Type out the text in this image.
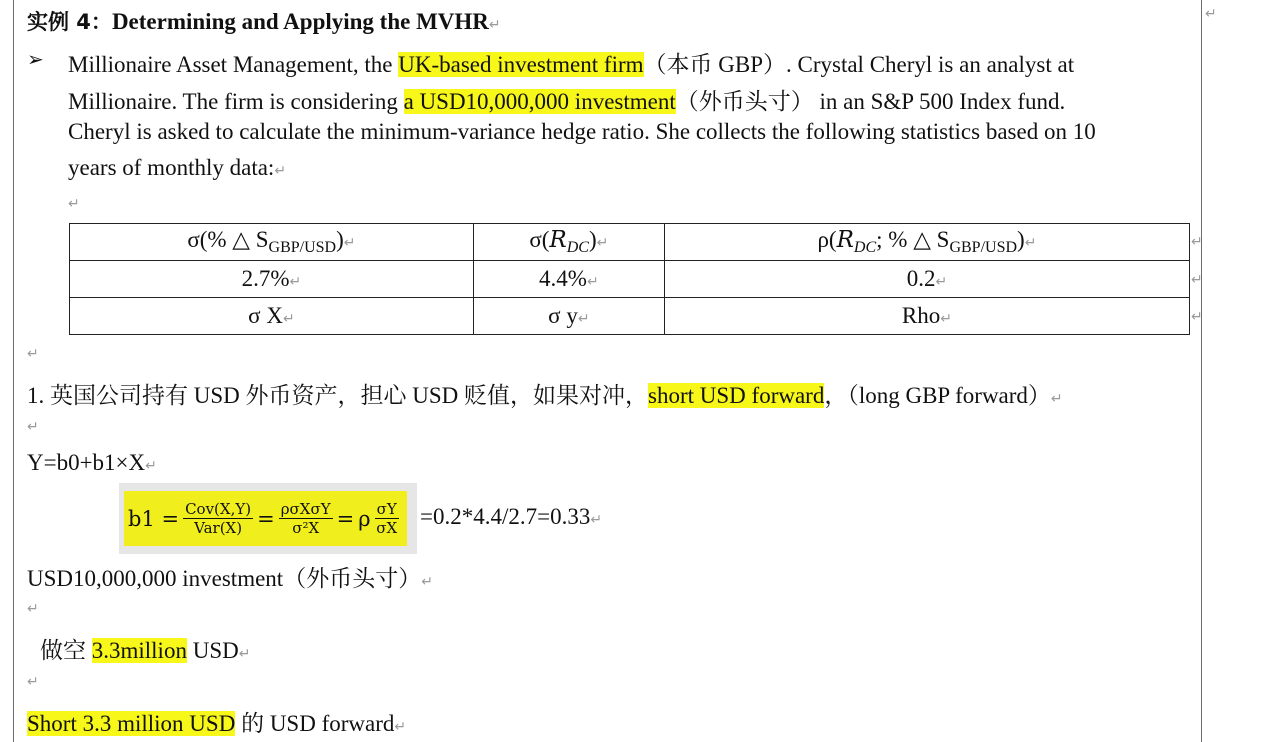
↵
实例 4：Determining and Applying the MVHR↵
➢ Millionaire Asset Management, the UK-based investment firm（本币 GBP）. Crystal Cheryl is an analyst at
Millionaire. The firm is considering a USD10,000,000 investment（外币头寸） in an S&P 500 Index fund.
Cheryl is asked to calculate the minimum-variance hedge ratio. She collects the following statistics based on 10
years of monthly data:↵
↵
σ(% △ $S_{GBP/USD})↵$	$\sigma(R_{DC})↵$	$\rho(R_{DC}$; % △ $S_{GBP/USD})↵$
2.7%↵	4.4%↵	0.2↵
σ X↵	σ y↵	Rho↵
↵
↵
↵
↵
1. 英国公司持有 USD 外币资产，担心 USD 贬值，如果对冲，short USD forward，（long GBP forward）↵
↵
Y=b0+b1×X↵
$b1 = \frac{\text{Cov(X,Y)}}{\text{Var(X)}} = \frac{\text{ρσXσY}}{\text{σ²X}} = \rho \frac{\sigma Y}{\sigma X}$ =0.2*4.4/2.7=0.33↵
USD10,000,000 investment（外币头寸）↵
↵
做空 3.3million USD↵
↵
Short 3.3 million USD 的 USD forward↵
